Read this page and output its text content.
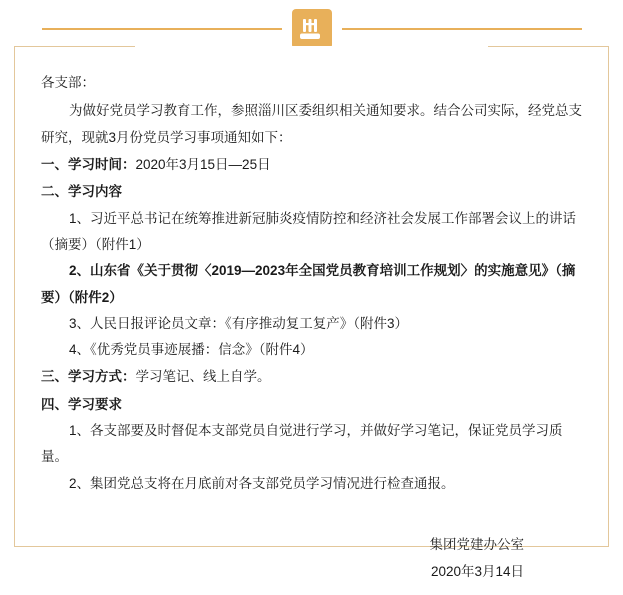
各支部：

为做好党员学习教育工作，参照淄川区委组织相关通知要求。结合公司实际，经党总支研究，现就3月份党员学习事项通知如下：

一、学习时间：2020年3月15日—25日

二、学习内容

1、习近平总书记在统筹推进新冠肺炎疫情防控和经济社会发展工作部署会议上的讲话（摘要）（附件1）

2、山东省《关于贯彻〈2019—2023年全国党员教育培训工作规划〉的实施意见》（摘要）（附件2）

3、人民日报评论员文章：《有序推动复工复产》（附件3）

4、《优秀党员事迹展播：信念》（附件4）

三、学习方式：学习笔记、线上自学。

四、学习要求

1、各支部要及时督促本支部党员自觉进行学习，并做好学习笔记，保证党员学习质量。

2、集团党总支将在月底前对各支部党员学习情况进行检查通报。

集团党建办公室
2020年3月14日
